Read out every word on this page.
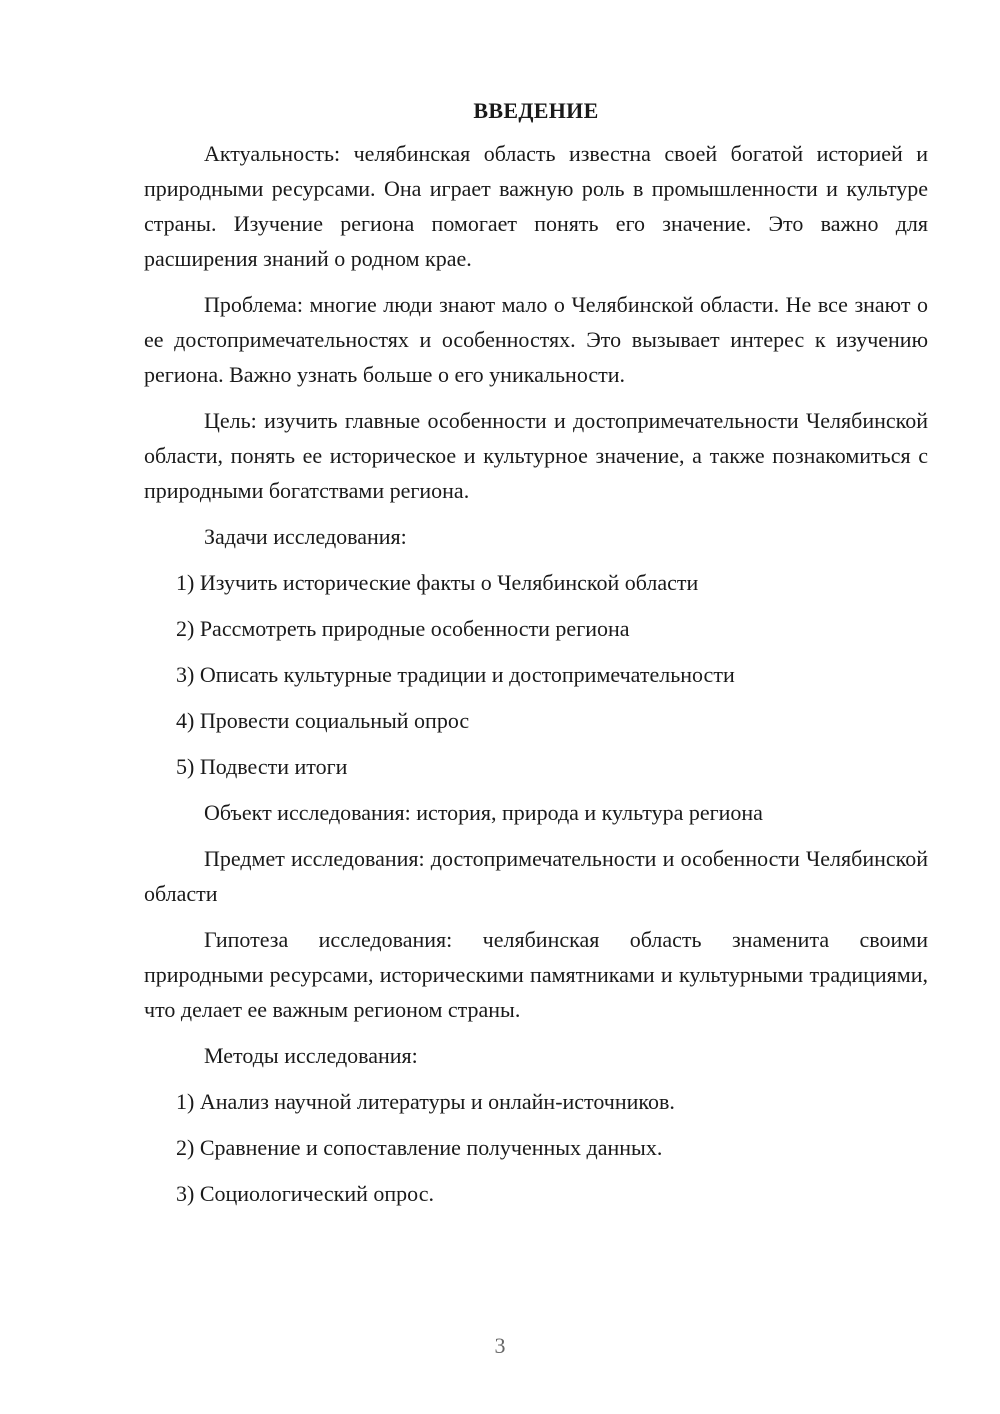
ВВЕДЕНИЕ

Актуальность: челябинская область известна своей богатой историей и природными ресурсами. Она играет важную роль в промышленности и культуре страны. Изучение региона помогает понять его значение. Это важно для расширения знаний о родном крае.

Проблема: многие люди знают мало о Челябинской области. Не все знают о ее достопримечательностях и особенностях. Это вызывает интерес к изучению региона. Важно узнать больше о его уникальности.

Цель: изучить главные особенности и достопримечательности Челябинской области, понять ее историческое и культурное значение, а также познакомиться с природными богатствами региона.

Задачи исследования:

1) Изучить исторические факты о Челябинской области
2) Рассмотреть природные особенности региона
3) Описать культурные традиции и достопримечательности
4) Провести социальный опрос
5) Подвести итоги

Объект исследования: история, природа и культура региона

Предмет исследования: достопримечательности и особенности Челябинской области

Гипотеза исследования: челябинская область знаменита своими природными ресурсами, историческими памятниками и культурными традициями, что делает ее важным регионом страны.

Методы исследования:

1) Анализ научной литературы и онлайн-источников.
2) Сравнение и сопоставление полученных данных.
3) Социологический опрос.
3
